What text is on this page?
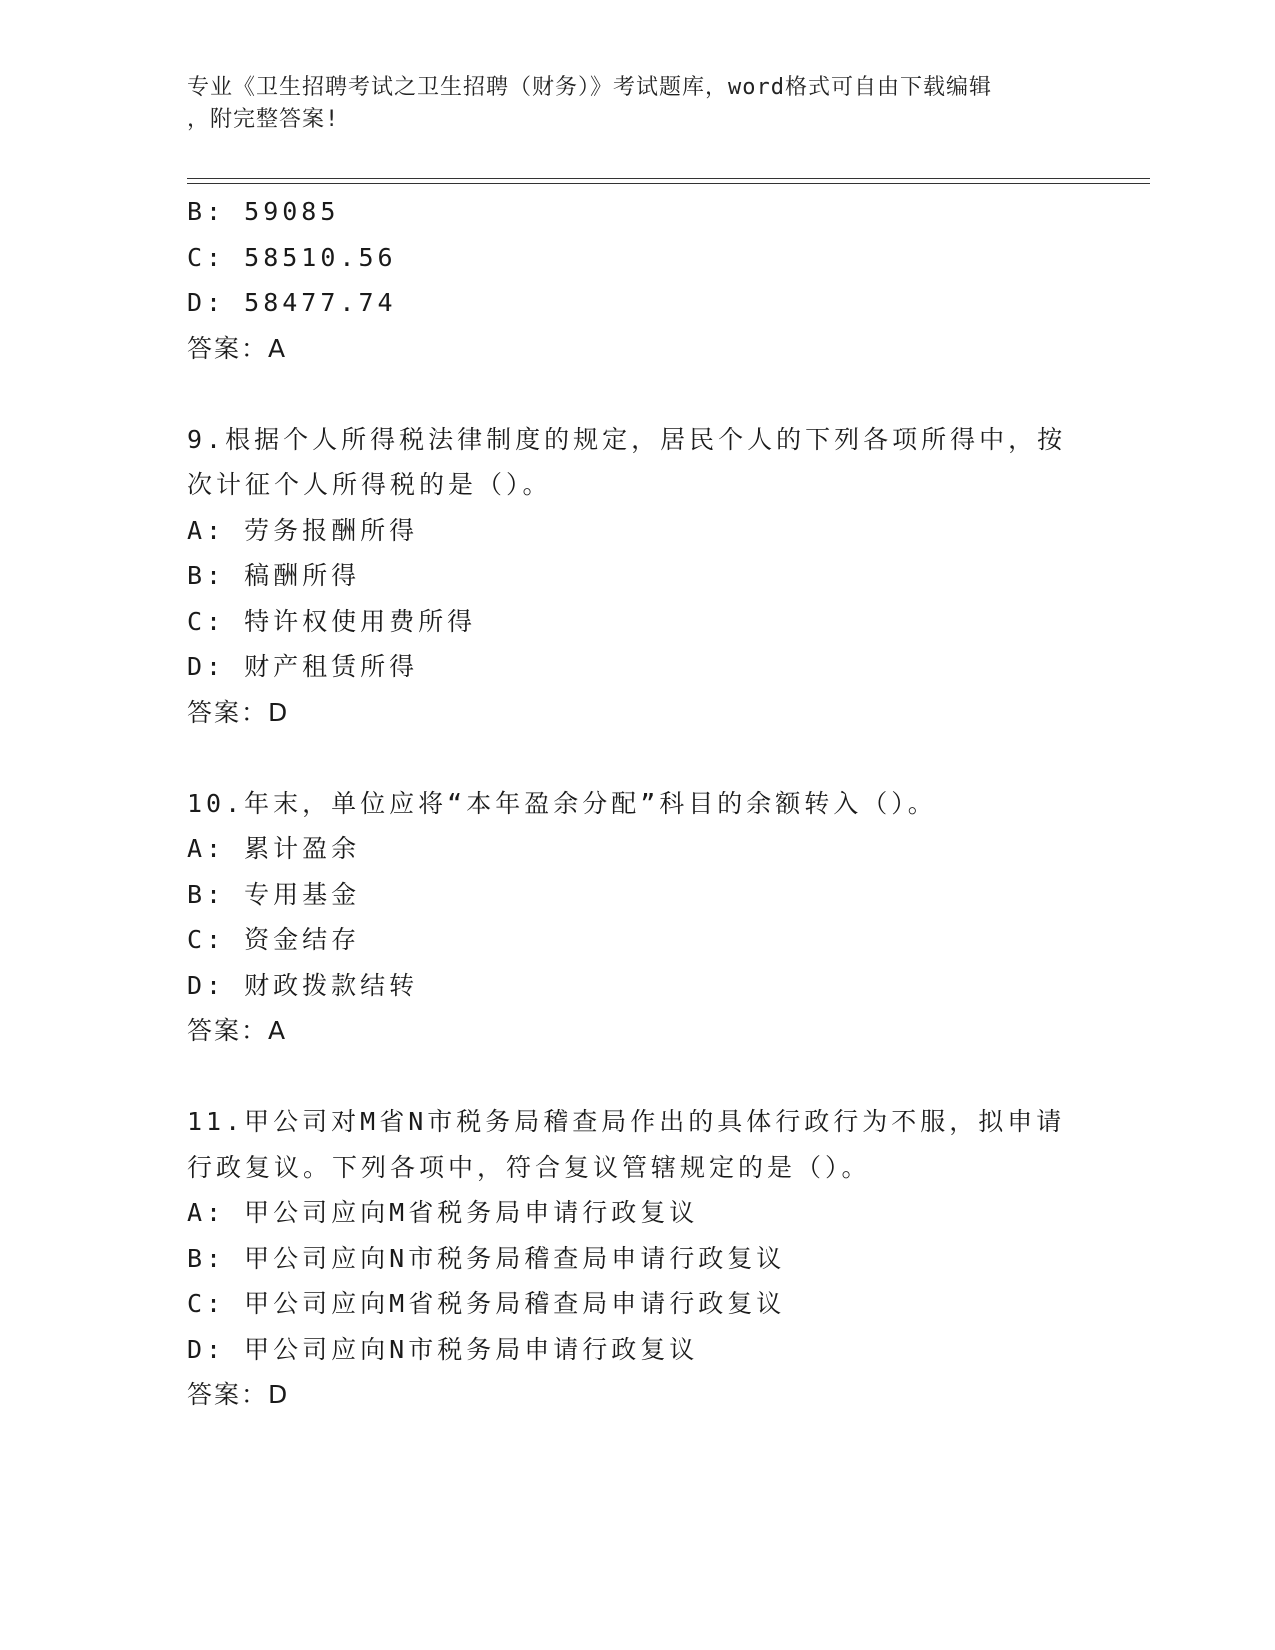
专业《卫生招聘考试之卫生招聘（财务）》考试题库，word格式可自由下载编辑
，附完整答案!
B: 59085
C: 58510.56
D: 58477.74
答案：A
9.根据个人所得税法律制度的规定，居民个人的下列各项所得中，按
次计征个人所得税的是（）。
A: 劳务报酬所得
B: 稿酬所得
C: 特许权使用费所得
D: 财产租赁所得
答案：D
10.年末，单位应将“本年盈余分配”科目的余额转入（）。
A: 累计盈余
B: 专用基金
C: 资金结存
D: 财政拨款结转
答案：A
11.甲公司对M省N市税务局稽查局作出的具体行政行为不服，拟申请
行政复议。下列各项中，符合复议管辖规定的是（）。
A: 甲公司应向M省税务局申请行政复议
B: 甲公司应向N市税务局稽查局申请行政复议
C: 甲公司应向M省税务局稽查局申请行政复议
D: 甲公司应向N市税务局申请行政复议
答案：D
